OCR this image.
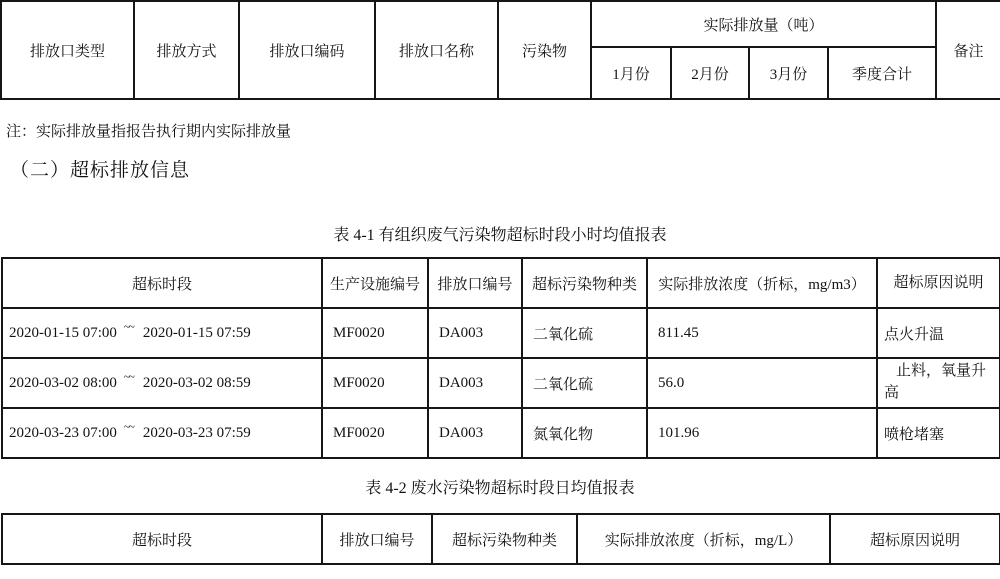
排放口类型	排放方式	排放口编码	排放口名称	污染物	实际排放量（吨）				备注
					1月份	2月份	3月份	季度合计	
注：实际排放量指报告执行期内实际排放量
（二）超标排放信息
表 4-1 有组织废气污染物超标时段小时均值报表
超标时段	生产设施编号	排放口编号	超标污染物种类	实际排放浓度（折标，mg/m3）	超标原因说明
2020-01-15 07:00 ~~ 2020-01-15 07:59	MF0020	DA003	二氧化硫	811.45	点火升温
2020-03-02 08:00 ~~ 2020-03-02 08:59	MF0020	DA003	二氧化硫	56.0	止料，氧量升高
2020-03-23 07:00 ~~ 2020-03-23 07:59	MF0020	DA003	氮氧化物	101.96	喷枪堵塞
表 4-2 废水污染物超标时段日均值报表
超标时段	排放口编号	超标污染物种类	实际排放浓度（折标，mg/L）	超标原因说明
